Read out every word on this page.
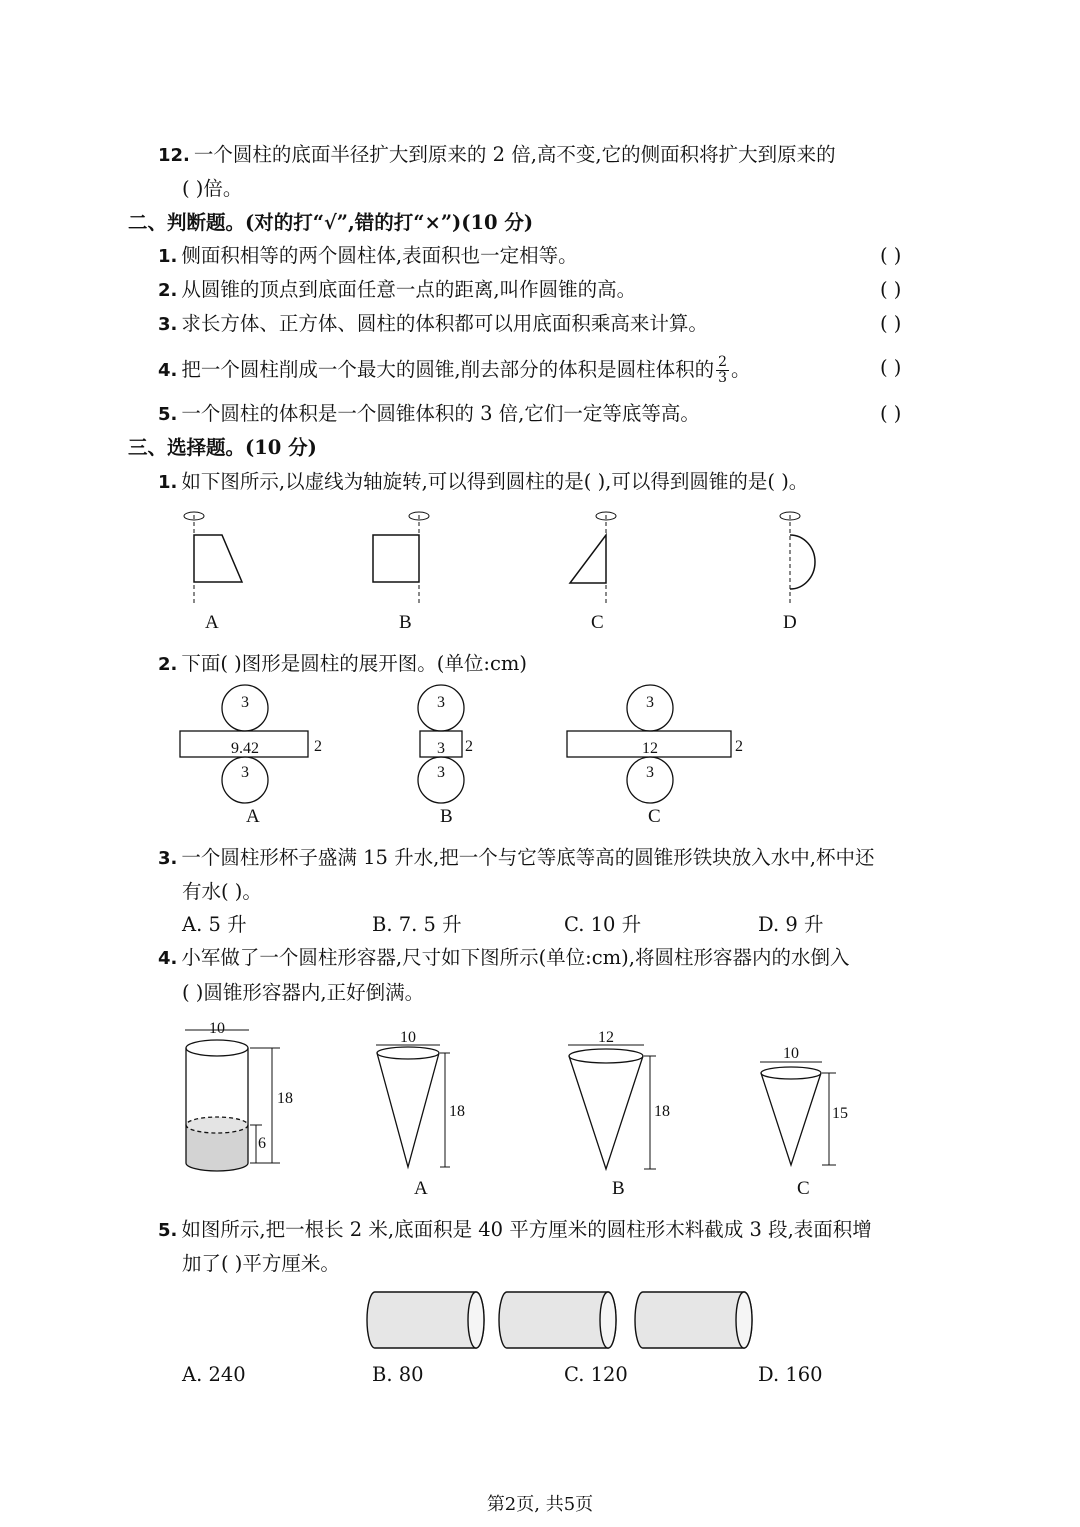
12. 一个圆柱的底面半径扩大到原来的 2 倍,高不变,它的侧面积将扩大到原来的
( )倍。
二、判断题。(对的打“√”,错的打“×”)(10 分)
1. 侧面积相等的两个圆柱体,表面积也一定相等。	( )
2. 从圆锥的顶点到底面任意一点的距离,叫作圆锥的高。	( )
3. 求长方体、正方体、圆柱的体积都可以用底面积乘高来计算。	( )
4. 把一个圆柱削成一个最大的圆锥,削去部分的体积是圆柱体积的 $\frac{2}{3}$ 。	( )
5. 一个圆柱的体积是一个圆锥体积的 3 倍,它们一定等底等高。	( )
三、选择题。(10 分)
1. 如下图所示,以虚线为轴旋转,可以得到圆柱的是( ),可以得到圆锥的是( )。
A	B	C	D
2. 下面( )图形是圆柱的展开图。(单位:cm)
3
9.42	2
3
3
3 2
3
3
12	2
3
A	B	C
3. 一个圆柱形杯子盛满 15 升水,把一个与它等底等高的圆锥形铁块放入水中,杯中还
有水( )。
A. 5 升	B. 7. 5 升	C. 10 升	D. 9 升
4. 小军做了一个圆柱形容器,尺寸如下图所示(单位:cm),将圆柱形容器内的水倒入
( )圆锥形容器内,正好倒满。
10
18
6
10
18
12
18
10
15
A	B	C
5. 如图所示,把一根长 2 米,底面积是 40 平方厘米的圆柱形木料截成 3 段,表面积增
加了( )平方厘米。
A. 240	B. 80	C. 120	D. 160
第2页, 共5页
